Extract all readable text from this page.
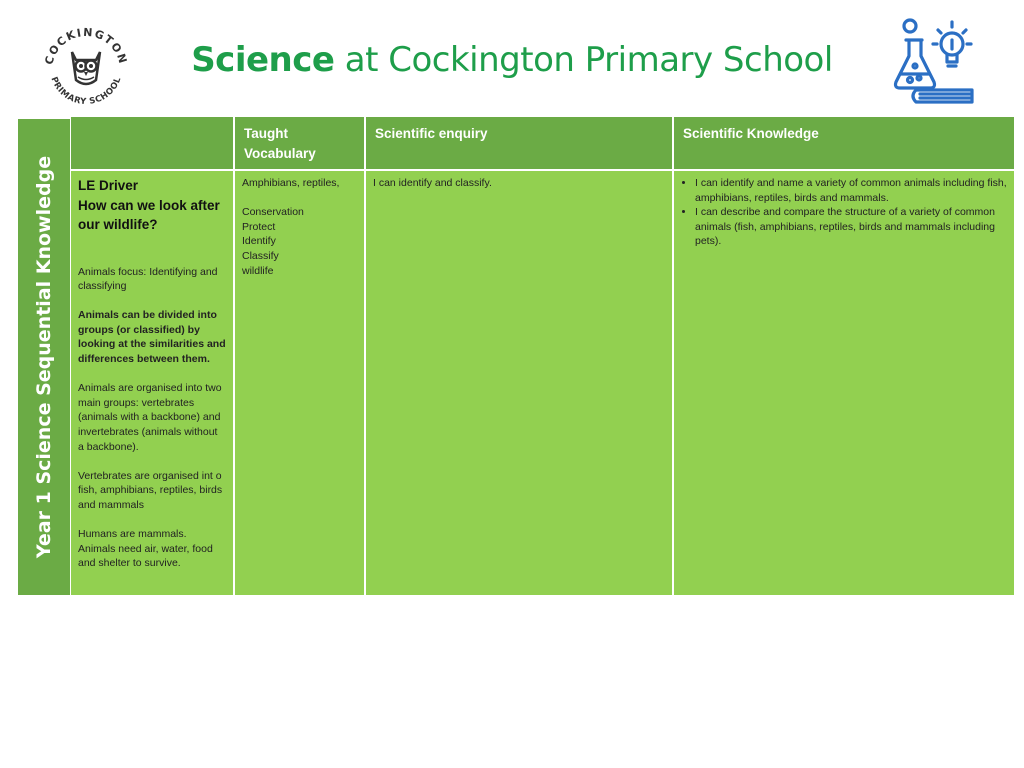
COCKINGTON
PRIMARY SCHOOL
Science at Cockington Primary School
Year 1 Science Sequential Knowledge
Taught Vocabulary
Scientific enquiry	Scientific Knowledge
LE Driver
How can we look after our wildlife?
Animals focus: Identifying and classifying
Animals can be divided into groups (or classified) by looking at the similarities and differences between them.
Animals are organised into two main groups: vertebrates (animals with a backbone) and invertebrates (animals without a backbone).
Vertebrates are organised int o fish, amphibians, reptiles, birds and mammals
Humans are mammals.
Animals need air, water, food and shelter to survive.
Amphibians, reptiles,
Conservation
Protect
Identify
Classify
wildlife
I can identify and classify.
•	I can identify and name a variety of common animals including fish, amphibians, reptiles, birds and mammals.
• I can describe and compare the structure of a variety of common animals (fish, amphibians, reptiles, birds and mammals including pets).
